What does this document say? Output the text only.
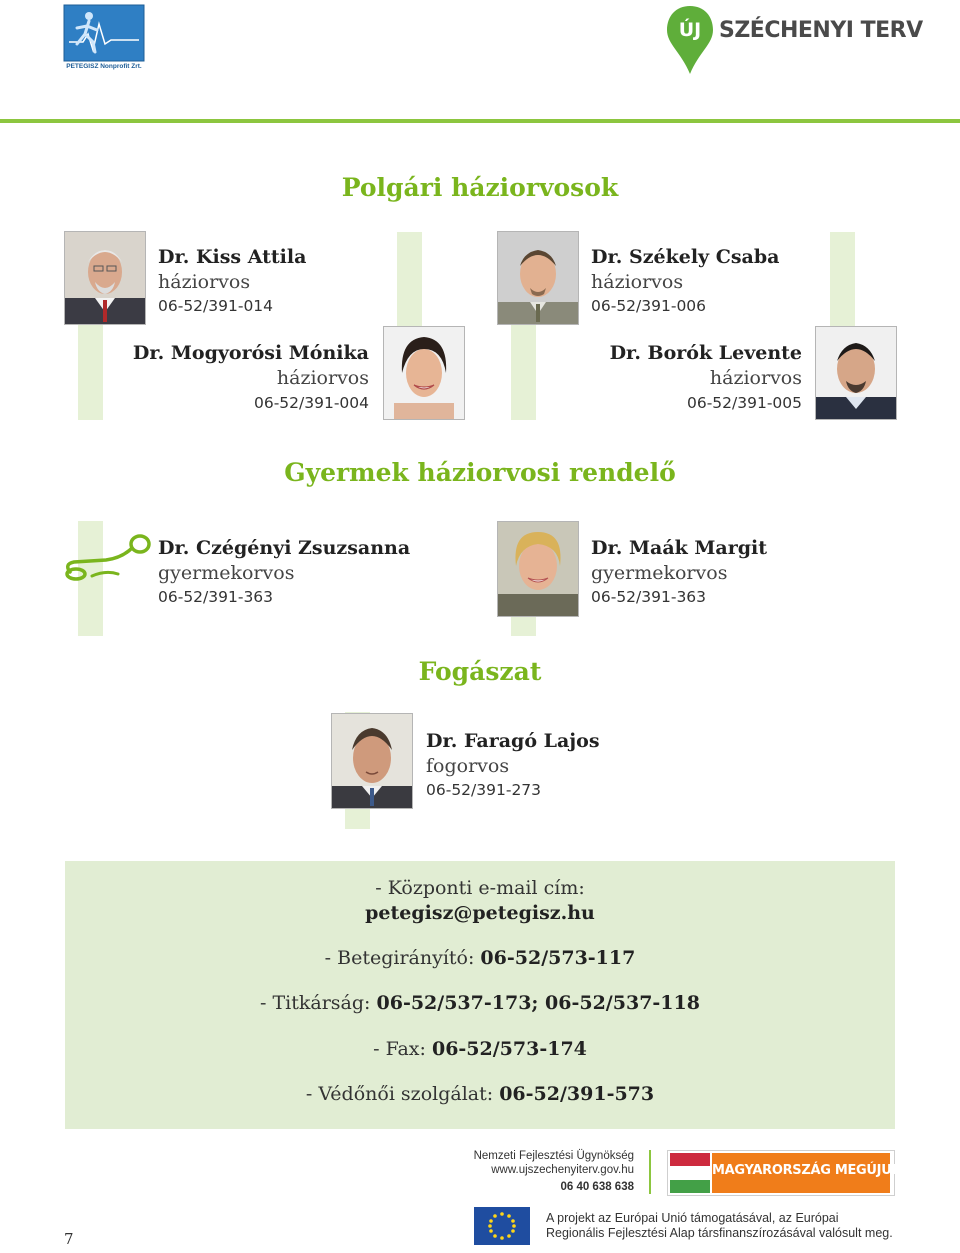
PETEGISZ Nonprofit Zrt.
ÚJ SZÉCHENYI TERV
Polgári háziorvosok
Dr. Kiss Attila
háziorvos
06-52/391-014
Dr. Székely Csaba
háziorvos
06-52/391-006
Dr. Mogyorósi Mónika
háziorvos
06-52/391-004
Dr. Borók Levente
háziorvos
06-52/391-005
Gyermek háziorvosi rendelő
Dr. Czégényi Zsuzsanna
gyermekorvos
06-52/391-363
Dr. Maák Margit
gyermekorvos
06-52/391-363
Fogászat
Dr. Faragó Lajos
fogorvos
06-52/391-273
- Központi e-mail cím:
petegisz@petegisz.hu
- Betegirányító: 06-52/573-117
- Titkárság: 06-52/537-173; 06-52/537-118
- Fax: 06-52/573-174
- Védőnői szolgálat: 06-52/391-573
Nemzeti Fejlesztési Ügynökség
www.ujszechenyiterv.gov.hu
06 40 638 638
MAGYARORSZÁG MEGÚJUL
A projekt az Európai Unió támogatásával, az Európai
Regionális Fejlesztési Alap társfinanszírozásával valósult meg.
7
